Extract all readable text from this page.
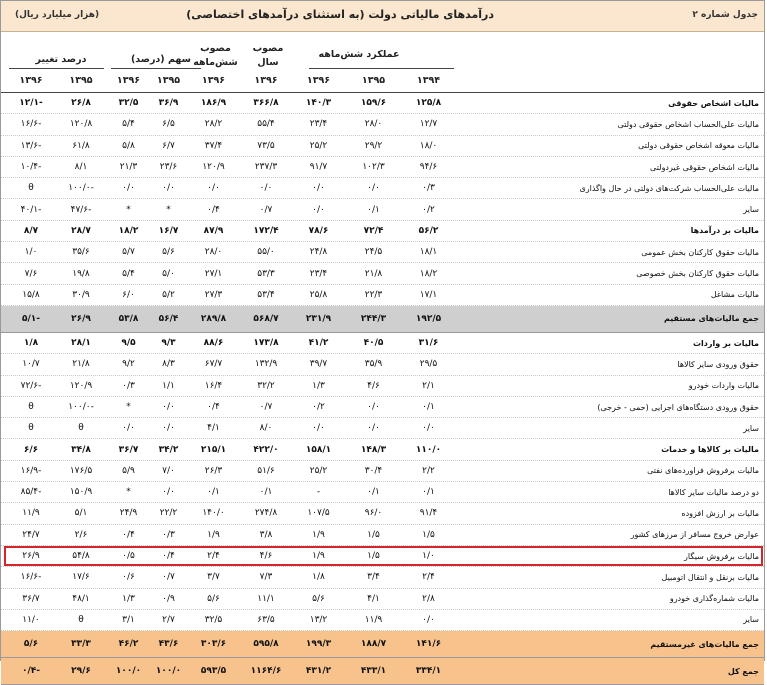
جدول شماره ۲
درآمدهای مالیاتی دولت (به استثنای درآمدهای اختصاصی)
(هزار میلیارد ریال)
عملکرد شش‌ماهه
مصوب
سال
مصوب
شش‌ماهه
سهم (درصد)
درصد تغییر
۱۳۹۴
۱۳۹۵
۱۳۹۶
۱۳۹۶
۱۳۹۶
۱۳۹۵
۱۳۹۶
۱۳۹۵
۱۳۹۶
مالیات اشخاص حقوقی
۱۲۵/۸
۱۵۹/۶
۱۴۰/۳
۳۶۶/۸
۱۸۶/۹
۳۶/۹
۳۲/۵
۲۶/۸
-۱۲/۱
مالیات علی‌الحساب اشخاص حقوقی دولتی
۱۲/۷
۲۸/۰
۲۳/۴
۵۵/۴
۲۸/۲
۶/۵
۵/۴
۱۲۰/۸
-۱۶/۶
مالیات معوقه اشخاص حقوقی دولتی
۱۸/۰
۲۹/۲
۲۵/۲
۷۳/۵
۳۷/۴
۶/۷
۵/۸
۶۱/۸
-۱۳/۶
مالیات اشخاص حقوقی غیردولتی
۹۴/۶
۱۰۲/۳
۹۱/۷
۲۳۷/۳
۱۲۰/۹
۲۳/۶
۲۱/۳
۸/۱
-۱۰/۴
مالیات علی‌الحساب شرکت‌های دولتی در حال واگذاری
۰/۳
۰/۰
۰/۰
۰/۰
۰/۰
۰/۰
۰/۰
-۱۰۰/۰
θ
سایر
۰/۲
۰/۱
۰/۰
۰/۷
۰/۴
*
*
-۴۷/۶
-۴۰/۱
مالیات بر درآمدها
۵۶/۲
۷۲/۴
۷۸/۶
۱۷۲/۴
۸۷/۹
۱۶/۷
۱۸/۲
۲۸/۷
۸/۷
مالیات حقوق کارکنان بخش عمومی
۱۸/۱
۲۴/۵
۲۴/۸
۵۵/۰
۲۸/۰
۵/۶
۵/۷
۳۵/۶
۱/۰
مالیات حقوق کارکنان بخش خصوصی
۱۸/۲
۲۱/۸
۲۳/۴
۵۳/۳
۲۷/۱
۵/۰
۵/۴
۱۹/۸
۷/۶
مالیات مشاغل
۱۷/۱
۲۲/۳
۲۵/۸
۵۳/۴
۲۷/۳
۵/۲
۶/۰
۳۰/۹
۱۵/۸
جمع مالیات‌های مستقیم
۱۹۲/۵
۲۴۴/۳
۲۳۱/۹
۵۶۸/۷
۲۸۹/۸
۵۶/۴
۵۳/۸
۲۶/۹
-۵/۱
مالیات بر واردات
۳۱/۶
۴۰/۵
۴۱/۲
۱۷۳/۸
۸۸/۶
۹/۳
۹/۵
۲۸/۱
۱/۸
حقوق ورودی سایر کالاها
۲۹/۵
۳۵/۹
۳۹/۷
۱۳۲/۹
۶۷/۷
۸/۳
۹/۲
۲۱/۸
۱۰/۷
مالیات واردات خودرو
۲/۱
۴/۶
۱/۳
۳۲/۲
۱۶/۴
۱/۱
۰/۳
۱۲۰/۹
-۷۲/۶
حقوق ورودی دستگاه‌های اجرایی (حمی - خرجی)
۰/۱
۰/۰
۰/۲
۰/۷
۰/۴
۰/۰
*
-۱۰۰/۰
θ
سایر
۰/۰
۰/۰
۰/۰
۸/۰
۴/۱
۰/۰
۰/۰
θ
θ
مالیات بر کالاها و خدمات
۱۱۰/۰
۱۴۸/۳
۱۵۸/۱
۴۲۲/۰
۲۱۵/۱
۳۴/۲
۳۶/۷
۳۴/۸
۶/۶
مالیات برفروش فراورده‌های نفتی
۲/۲
۳۰/۴
۲۵/۲
۵۱/۶
۲۶/۳
۷/۰
۵/۹
۱۷۶/۵
-۱۶/۹
دو درصد مالیات سایر کالاها
۰/۱
۰/۱
-
۰/۱
۰/۱
۰/۰
*
۱۵۰/۹
-۸۵/۴
مالیات بر ارزش افزوده
۹۱/۴
۹۶/۰
۱۰۷/۵
۲۷۴/۸
۱۴۰/۰
۲۲/۲
۲۴/۹
۵/۱
۱۱/۹
عوارض خروج مسافر از مرزهای کشور
۱/۵
۱/۵
۱/۹
۳/۸
۱/۹
۰/۳
۰/۴
۲/۶
۲۴/۷
مالیات برفروش سیگار
۱/۰
۱/۵
۱/۹
۴/۶
۲/۴
۰/۴
۰/۵
۵۴/۸
۲۶/۹
مالیات برنقل و انتقال اتومبیل
۲/۴
۳/۴
۱/۸
۷/۳
۳/۷
۰/۷
۰/۶
۱۷/۶
-۱۶/۶
مالیات شماره‌گذاری خودرو
۲/۸
۴/۱
۵/۶
۱۱/۱
۵/۶
۰/۹
۱/۳
۴۸/۱
۳۶/۷
سایر
۰/۰
۱۱/۹
۱۳/۲
۶۳/۵
۳۲/۵
۲/۷
۳/۱
θ
۱۱/۰
جمع مالیات‌های غیرمستقیم
۱۴۱/۶
۱۸۸/۷
۱۹۹/۳
۵۹۵/۸
۳۰۳/۶
۴۳/۶
۴۶/۲
۳۳/۳
۵/۶
جمع کل
۳۳۴/۱
۴۳۳/۱
۴۳۱/۲
۱۱۶۴/۶
۵۹۳/۵
۱۰۰/۰
۱۰۰/۰
۲۹/۶
-۰/۴
